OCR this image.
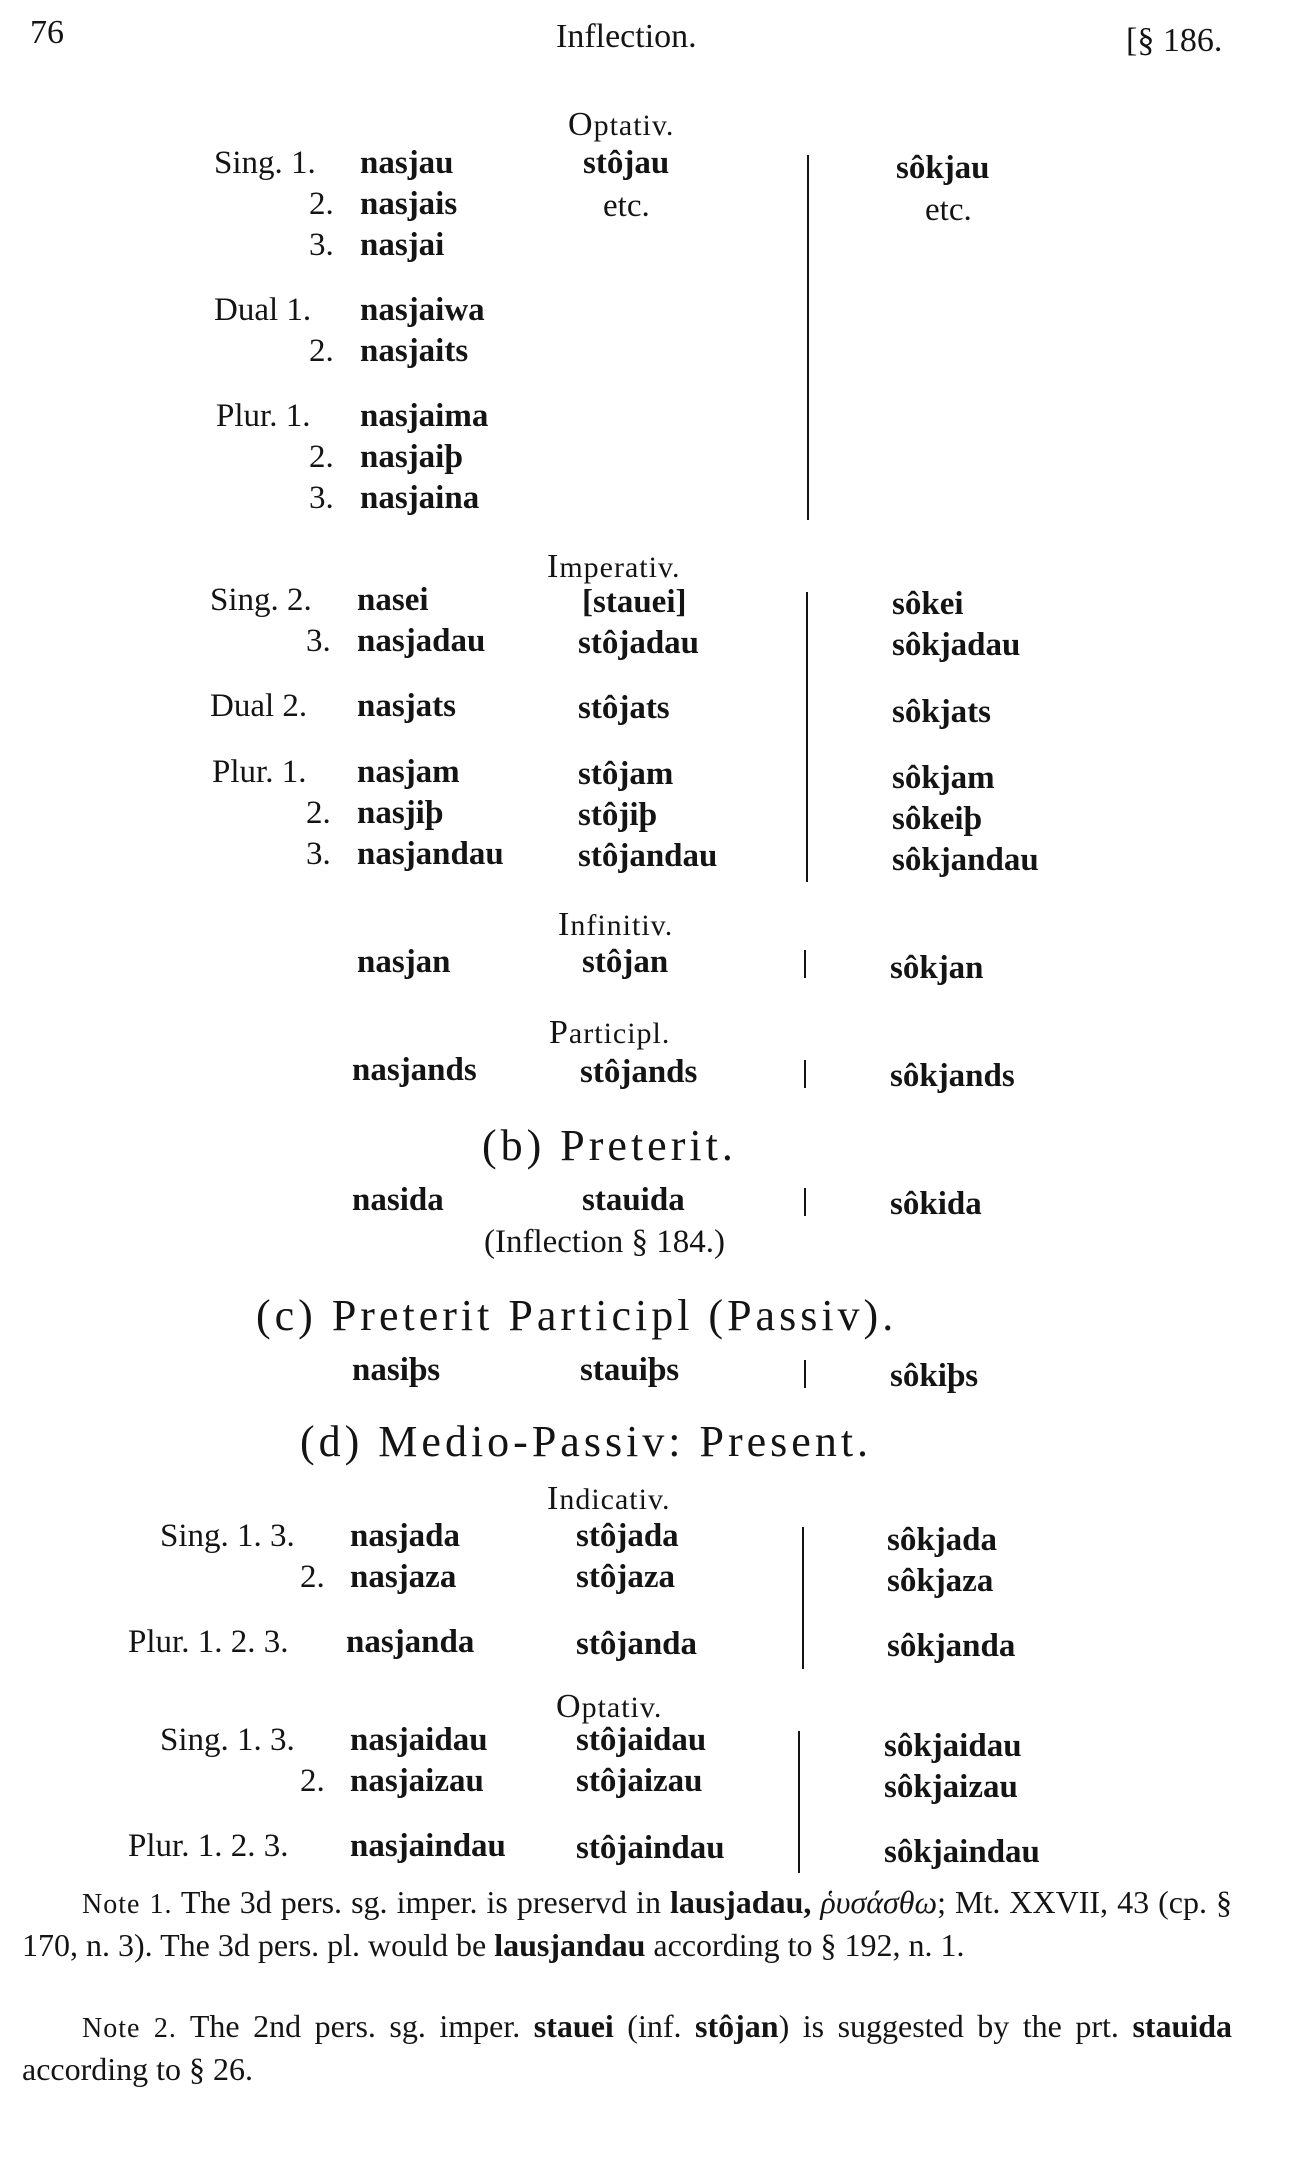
76	Inflection.	[§ 186.
Optativ.
Sing. 1. nasjau	stôjau	sôkjau
2. nasjais	etc.	etc.
3. nasjai
Dual 1. nasjaiwa
2. nasjaits
Plur. 1. nasjaima
2. nasjaiþ
3. nasjaina
Imperativ.
Sing. 2. nasei	[stauei]	sôkei
3. nasjadau	stôjadau	sôkjadau
Dual 2. nasjats	stôjats	sôkjats
Plur. 1. nasjam	stôjam	sôkjam
2. nasjiþ	stôjiþ	sôkeiþ
3. nasjandau stôjandau	sôkjandau
Infinitiv.
nasjan	stôjan	sôkjan
Participl.
nasjands	stôjands	sôkjands
(b) Preterit.
nasida	stauida	sôkida
(Inflection § 184.)
(c) Preterit Participl (Passiv).
nasiþs	stauiþs	sôkiþs
(d) Medio-Passiv: Present.
Indicativ.
Sing. 1. 3. nasjada	stôjada	sôkjada
2. nasjaza	stôjaza	sôkjaza
Plur. 1. 2. 3. nasjanda	stôjanda	sôkjanda
Optativ.
Sing. 1. 3. nasjaidau	stôjaidau	sôkjaidau
2. nasjaizau	stôjaizau	sôkjaizau
Plur. 1. 2. 3. nasjaindau stôjaindau	sôkjaindau
Note 1. The 3d pers. sg. imper. is preservd in lausjadau, ῥυσάσθω; Mt. XXVII, 43 (cp. § 170, n. 3). The 3d pers. pl. would be lausjandau according to § 192, n. 1.
Note 2. The 2nd pers. sg. imper. stauei (inf. stôjan) is suggested by the prt. stauida according to § 26.
